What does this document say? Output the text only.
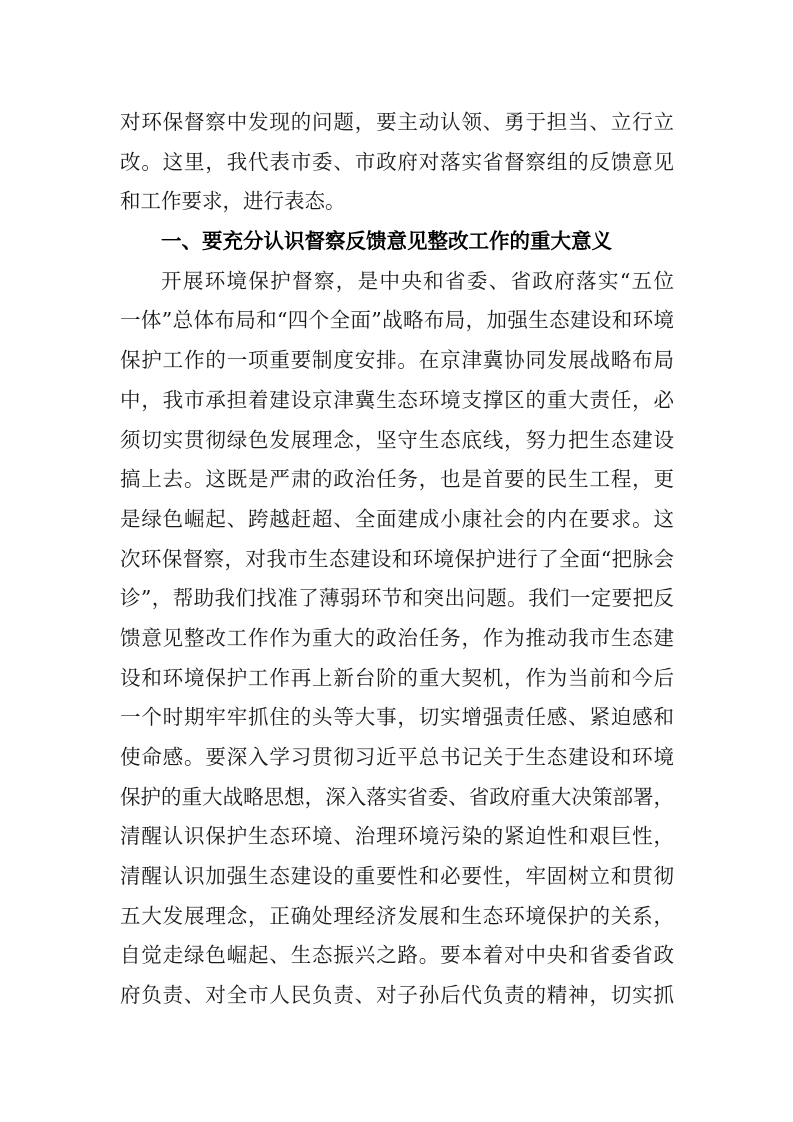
对环保督察中发现的问题，要主动认领、勇于担当、立行立
改。这里，我代表市委、市政府对落实省督察组的反馈意见
和工作要求，进行表态。
一、要充分认识督察反馈意见整改工作的重大意义
开展环境保护督察，是中央和省委、省政府落实“五位
一体”总体布局和“四个全面”战略布局，加强生态建设和环境
保护工作的一项重要制度安排。在京津冀协同发展战略布局
中，我市承担着建设京津冀生态环境支撑区的重大责任，必
须切实贯彻绿色发展理念，坚守生态底线，努力把生态建设
搞上去。这既是严肃的政治任务，也是首要的民生工程，更
是绿色崛起、跨越赶超、全面建成小康社会的内在要求。这
次环保督察，对我市生态建设和环境保护进行了全面“把脉会
诊”，帮助我们找准了薄弱环节和突出问题。我们一定要把反
馈意见整改工作作为重大的政治任务，作为推动我市生态建
设和环境保护工作再上新台阶的重大契机，作为当前和今后
一个时期牢牢抓住的头等大事，切实增强责任感、紧迫感和
使命感。要深入学习贯彻习近平总书记关于生态建设和环境
保护的重大战略思想，深入落实省委、省政府重大决策部署，
清醒认识保护生态环境、治理环境污染的紧迫性和艰巨性，
清醒认识加强生态建设的重要性和必要性，牢固树立和贯彻
五大发展理念，正确处理经济发展和生态环境保护的关系，
自觉走绿色崛起、生态振兴之路。要本着对中央和省委省政
府负责、对全市人民负责、对子孙后代负责的精神，切实抓
